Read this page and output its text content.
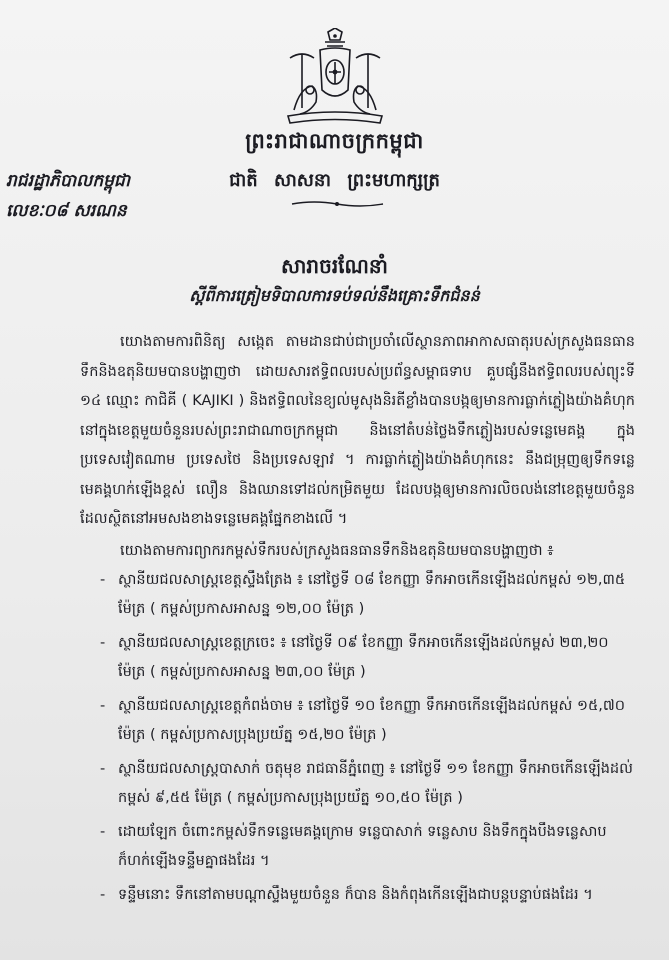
ព្រះរាជាណាចក្រកម្ពុជា
ជាតិ សាសនា ព្រះមហាក្សត្រ
រាជរដ្ឋាភិបាលកម្ពុជា
លេខៈ០៨ សរណន
សារាចរណែនាំ
ស្តីពីការត្រៀមទិបាលការទប់ទល់នឹងគ្រោះទឹកជំនន់
យោងតាមការពិនិត្យ សង្កេត តាមដានជាប់ជាប្រចាំលើស្ថានភាពអាកាសធាតុរបស់ក្រសួងធនធានទឹកនិងឧតុនិយមបានបង្ហាញថា ដោយសារឥទ្ធិពលរបស់ប្រព័ន្ធសម្ពាធទាប គួបផ្សំនឹងឥទ្ធិពលរបស់ព្យុះទី ១៤ ឈ្មោះ កាជិគី ( KAJIKI ) និងឥទ្ធិពលនៃខ្យល់មូសុងនិរតីខ្លាំងបានបង្កឲ្យមានការធ្លាក់ភ្លៀងយ៉ាងគំហុកនៅក្នុងខេត្តមួយចំនួនរបស់ព្រះរាជាណាចក្រកម្ពុជា និងនៅតំបន់ថ្លៃងទឹកភ្លៀងរបស់ទន្លេមេគង្គ ក្នុងប្រទេសវៀតណាម ប្រទេសថៃ និងប្រទេសឡាវ ។ ការធ្លាក់ភ្លៀងយ៉ាងគំហុកនេះ នឹងជម្រុញឲ្យទឹកទន្លេមេគង្គហក់ឡើងខ្ពស់ លឿន និងឈានទៅដល់កម្រិតមួយ ដែលបង្កឲ្យមានការលិចលង់នៅខេត្តមួយចំនួន ដែលស្ថិតនៅអមសងខាងទន្លេមេគង្គផ្នែកខាងលើ ។
យោងតាមការព្យាករកម្ពស់ទឹករបស់ក្រសួងធនធានទឹកនិងឧតុនិយមបានបង្ហាញថា ៖
- ស្ថានីយជលសាស្ត្រខេត្តស្ទឹងត្រែង ៖ នៅថ្ងៃទី ០៨ ខែកញ្ញា ទឹកអាចកើនឡើងដល់កម្ពស់ ១២,៣៥ ម៉ែត្រ ( កម្ពស់ប្រកាសអាសន្ន ១២,០០ ម៉ែត្រ )
- ស្ថានីយជលសាស្ត្រខេត្តក្រចេះ ៖ នៅថ្ងៃទី ០៩ ខែកញ្ញា ទឹកអាចកើនឡើងដល់កម្ពស់ ២៣,២០ ម៉ែត្រ ( កម្ពស់ប្រកាសអាសន្ន ២៣,០០ ម៉ែត្រ )
- ស្ថានីយជលសាស្ត្រខេត្តកំពង់ចាម ៖ នៅថ្ងៃទី ១០ ខែកញ្ញា ទឹកអាចកើនឡើងដល់កម្ពស់ ១៥,៧០ ម៉ែត្រ ( កម្ពស់ប្រកាសប្រុងប្រយ័ត្ន ១៥,២០ ម៉ែត្រ )
- ស្ថានីយជលសាស្ត្របាសាក់ ចតុមុខ រាជធានីភ្នំពេញ ៖ នៅថ្ងៃទី ១១ ខែកញ្ញា ទឹកអាចកើនឡើងដល់កម្ពស់ ៩,៥៥ ម៉ែត្រ ( កម្ពស់ប្រកាសប្រុងប្រយ័ត្ន ១០,៥០ ម៉ែត្រ )
- ដោយឡែក ចំពោះកម្ពស់ទឹកទន្លេមេគង្គក្រោម ទន្លេបាសាក់ ទន្លេសាប និងទឹកក្នុងបឹងទន្លេសាប ក៏ហក់ឡើងទន្ទឹមគ្នាផងដែរ ។
- ទន្ទឹមនោះ ទឹកនៅតាមបណ្តាស្ទឹងមួយចំនួន ក៏បាន និងកំពុងកើនឡើងជាបន្តបន្ទាប់ផងដែរ ។
